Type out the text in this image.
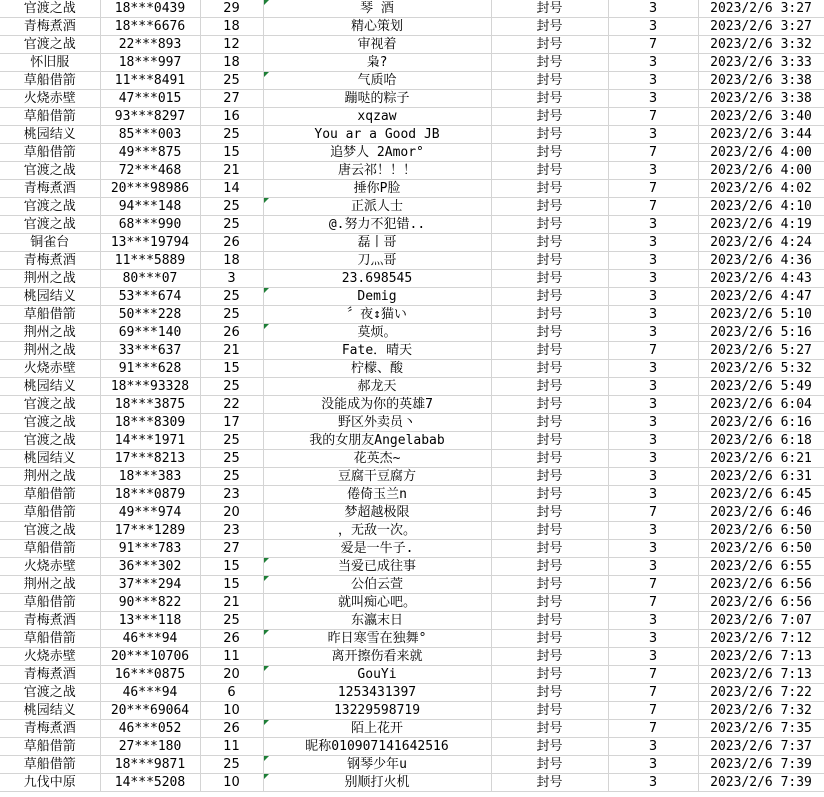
官渡之战	18***0439	29	琴 酒	封号	3	2023/2/6 3:27
青梅煮酒	18***6676	18	精心策划	封号	3	2023/2/6 3:27
官渡之战	22***893	12	审视着	封号	7	2023/2/6 3:32
怀旧服	18***997	18	枭?	封号	3	2023/2/6 3:33
草船借箭	11***8491	25	气质哈	封号	3	2023/2/6 3:38
火烧赤壁	47***015	27	蹦哒的粽子	封号	3	2023/2/6 3:38
草船借箭	93***8297	16	xqzaw	封号	7	2023/2/6 3:40
桃园结义	85***003	25	You ar a Good JB	封号	3	2023/2/6 3:44
草船借箭	49***875	15	追梦人 2Amor°	封号	7	2023/2/6 4:00
官渡之战	72***468	21	唐云祁！！！	封号	3	2023/2/6 4:00
青梅煮酒	20***98986	14	捶你P脸	封号	7	2023/2/6 4:02
官渡之战	94***148	25	正派人士	封号	7	2023/2/6 4:10
官渡之战	68***990	25	@.努力不犯错..	封号	3	2023/2/6 4:19
铜雀台	13***19794	26	磊丨哥	封号	3	2023/2/6 4:24
青梅煮酒	11***5889	18	刀灬哥	封号	3	2023/2/6 4:36
荆州之战	80***07	3	23.698545	封号	3	2023/2/6 4:43
桃园结义	53***674	25	Demig	封号	3	2023/2/6 4:47
草船借箭	50***228	25	〞夜↕猫い	封号	3	2023/2/6 5:10
荆州之战	69***140	26	莫烦。	封号	3	2023/2/6 5:16
荆州之战	33***637	21	Fate．晴天	封号	7	2023/2/6 5:27
火烧赤壁	91***628	15	柠檬、酸	封号	3	2023/2/6 5:32
桃园结义	18***93328	25	郝龙天	封号	3	2023/2/6 5:49
官渡之战	18***3875	22	没能成为你的英雄7	封号	3	2023/2/6 6:04
官渡之战	18***8309	17	野区外卖员丶	封号	3	2023/2/6 6:16
官渡之战	14***1971	25	我的女朋友Angelabab	封号	3	2023/2/6 6:18
桃园结义	17***8213	25	花英杰~	封号	3	2023/2/6 6:21
荆州之战	18***383	25	豆腐干豆腐方	封号	3	2023/2/6 6:31
草船借箭	18***0879	23	倦倚玉兰n	封号	3	2023/2/6 6:45
草船借箭	49***974	20	梦超越极限	封号	7	2023/2/6 6:46
官渡之战	17***1289	23	，无敌一次。	封号	3	2023/2/6 6:50
草船借箭	91***783	27	爱是一牛子.	封号	3	2023/2/6 6:50
火烧赤壁	36***302	15	当爱已成往事	封号	3	2023/2/6 6:55
荆州之战	37***294	15	公伯云萱	封号	7	2023/2/6 6:56
草船借箭	90***822	21	就叫痴心吧。	封号	7	2023/2/6 6:56
青梅煮酒	13***118	25	东瀛末日	封号	3	2023/2/6 7:07
草船借箭	46***94	26	昨日寒雪在独舞°	封号	3	2023/2/6 7:12
火烧赤壁	20***10706	11	离开擦伤看来就	封号	3	2023/2/6 7:13
青梅煮酒	16***0875	20	GouYi	封号	7	2023/2/6 7:13
官渡之战	46***94	6	1253431397	封号	7	2023/2/6 7:22
桃园结义	20***69064	10	13229598719	封号	7	2023/2/6 7:32
青梅煮酒	46***052	26	陌上花开	封号	7	2023/2/6 7:35
草船借箭	27***180	11	昵称010907141642516	封号	3	2023/2/6 7:37
草船借箭	18***9871	25	钢琴少年u	封号	3	2023/2/6 7:39
九伐中原	14***5208	10	别顺打火机	封号	3	2023/2/6 7:39
